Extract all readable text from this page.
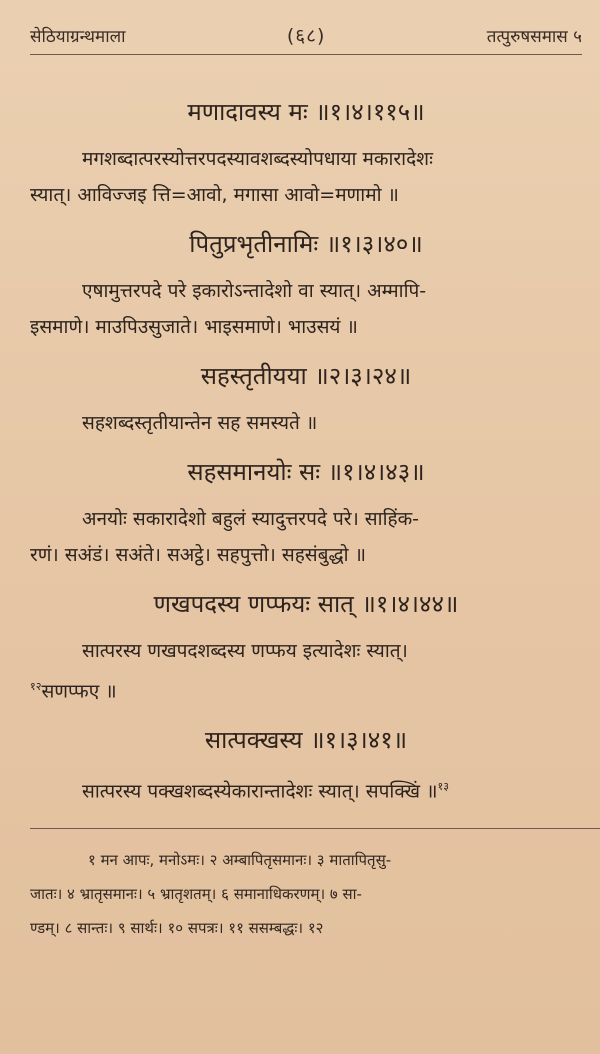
सेठियाग्रन्थमाला	(६८)	तत्पुरुषसमास ५
मणादावस्य मः ॥१।४।११५॥
मगशब्दात्परस्योत्तरपदस्यावशब्दस्योपधाया मकारादेशः
स्यात्। आविज्जइ त्ति=आवो, मगासा आवो=मणामो ॥
पितुप्रभृतीनामिः ॥१।३।४०॥
एषामुत्तरपदे परे इकारोऽन्तादेशो वा स्यात्। अम्मापि-
इसमाणे। माउपिउसुजाते। भाइसमाणे। भाउसयं ॥
सहस्तृतीयया ॥२।३।२४॥
सहशब्दस्तृतीयान्तेन सह समस्यते ॥
सहसमानयोः सः ॥१।४।४३॥
अनयोः सकारादेशो बहुलं स्यादुत्तरपदे परे। साहिंक-
रणं। सअंडं। सअंते। सअट्ठे। सहपुत्तो। सहसंबुद्धो ॥
णखपदस्य णप्फयः सात् ॥१।४।४४॥
सात्परस्य णखपदशब्दस्य णप्फय इत्यादेशः स्यात्।
$^{१२}$सणप्फए ॥
सात्पक्खस्य ॥१।३।४१॥
सात्परस्य पक्खशब्दस्येकारान्तादेशः स्यात्। सपक्खिं ॥$^{१३}$
१ मन आपः, मनोऽमः। २ अम्बापितृसमानः। ३ मातापितृसु-
जातः। ४ भ्रातृसमानः। ५ भ्रातृशतम्। ६ समानाधिकरणम्। ७ सा-
ण्डम्। ८ सान्तः। ९ सार्थः। १० सपत्रः। ११ ससम्बद्धः। १२
